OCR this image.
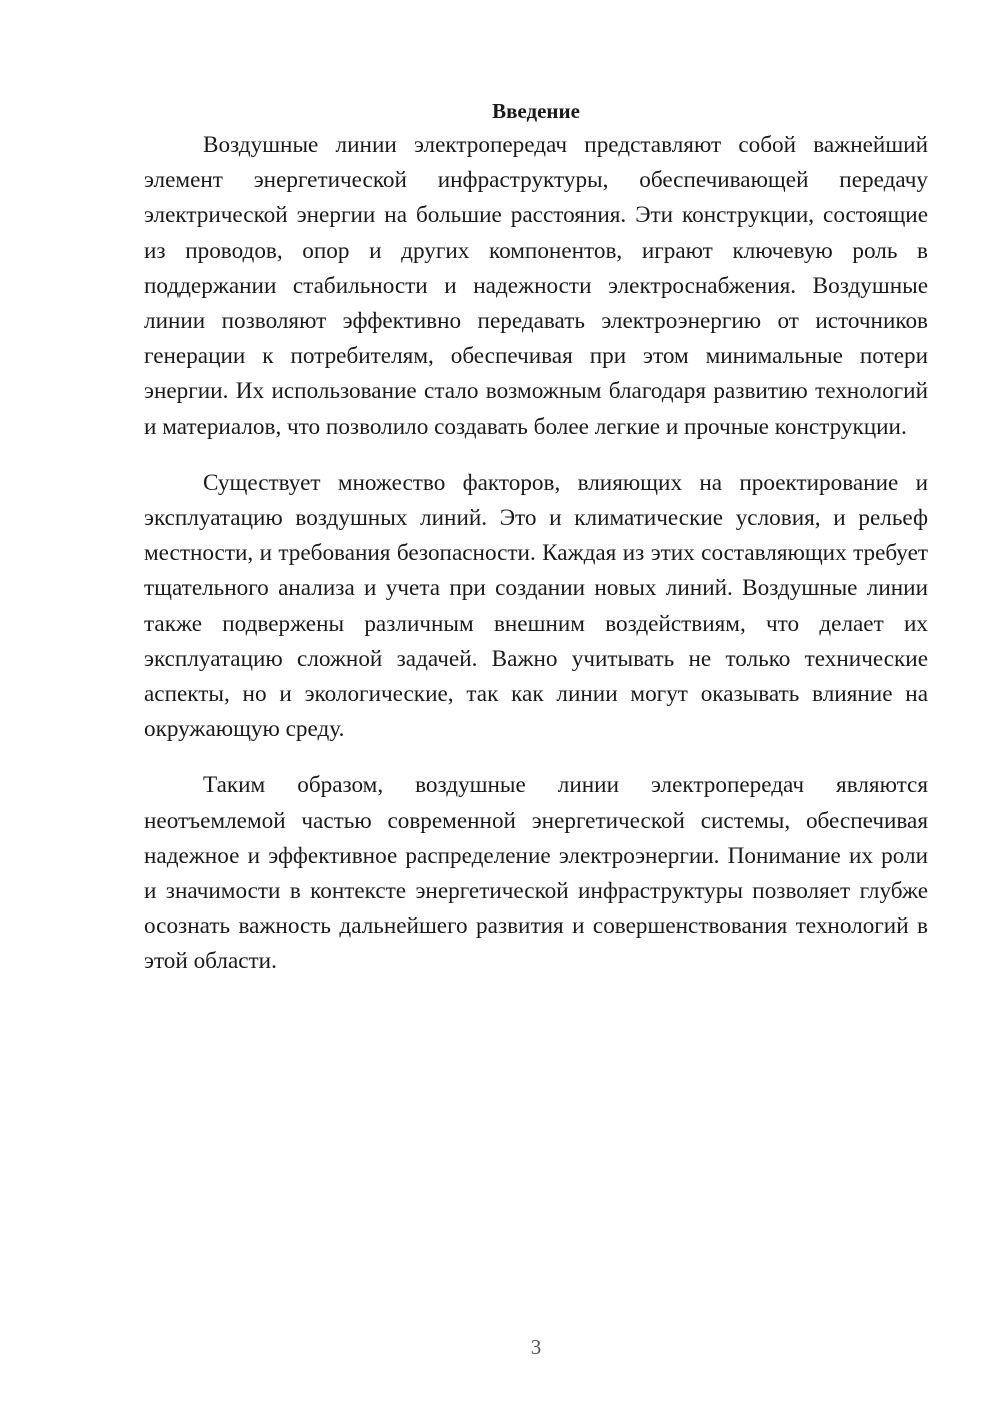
Введение

Воздушные линии электропередач представляют собой важнейший элемент энергетической инфраструктуры, обеспечивающей передачу электрической энергии на большие расстояния. Эти конструкции, состоящие из проводов, опор и других компонентов, играют ключевую роль в поддержании стабильности и надежности электроснабжения. Воздушные линии позволяют эффективно передавать электроэнергию от источников генерации к потребителям, обеспечивая при этом минимальные потери энергии. Их использование стало возможным благодаря развитию технологий и материалов, что позволило создавать более легкие и прочные конструкции.

Существует множество факторов, влияющих на проектирование и эксплуатацию воздушных линий. Это и климатические условия, и рельеф местности, и требования безопасности. Каждая из этих составляющих требует тщательного анализа и учета при создании новых линий. Воздушные линии также подвержены различным внешним воздействиям, что делает их эксплуатацию сложной задачей. Важно учитывать не только технические аспекты, но и экологические, так как линии могут оказывать влияние на окружающую среду.

Таким образом, воздушные линии электропередач являются неотъемлемой частью современной энергетической системы, обеспечивая надежное и эффективное распределение электроэнергии. Понимание их роли и значимости в контексте энергетической инфраструктуры позволяет глубже осознать важность дальнейшего развития и совершенствования технологий в этой области.

3
